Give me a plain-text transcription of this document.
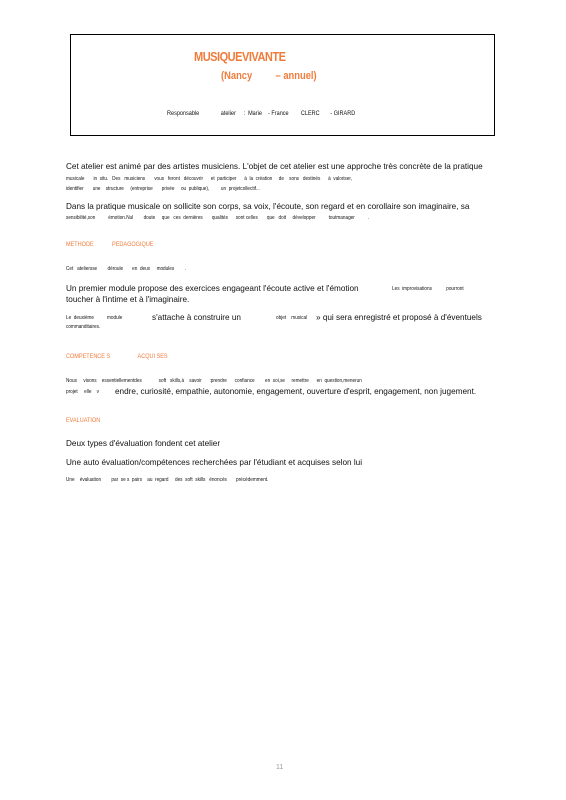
MUSIQUEVIVANTE
(Nancy         – annuel)
Responsable              atelier     :  Marie    - France        CLERC       - GIRARD
Cet atelier est animé par des artistes musiciens. L'objet de cet atelier est une approche très concrète de la pratique
musicale       in  situ.   Des   musiciens       vous   feront   découvrir      et  participer      à  la  création     de    sons   destinés      à  valoriser,
identifier       une    structure     (entreprise       privée     ou  publique),         un  projetcollectif...
Dans la pratique musicale on sollicite son corps, sa voix, l'écoute, son regard et en corollaire son imaginaire, sa
sensibilité,son          émotion.Nul        doute     que   ces  dernières       qualités      sont celles       que   doit     développer          toutmanager          .
METHODE            PEDAGOGIQUE
Cet   ateliersse        déroule       en  deux     modules        .
Un premier module propose des exercices engageant l'écoute active et l'émotion	Les  improvisations           pourront
toucher à l'intime et à l'imaginaire.
Le  deuxième          module	s'attache à construire un	objet    musical » qui sera enregistré et proposé à d'éventuels
commanditaires.
COMPETENCE S                  ACQUI SES
Nous     visons    essentiellementdes             soft   skills,à    savoir      :prendre      confiance        en  soi,se     remettre      en  question,menerun
projet     elle    v endre, curiosité, empathie, autonomie, engagement, ouverture d'esprit, engagement, non jugement.
EVALUATION
Deux types d'évaluation fondent cet atelier
Une auto évaluation/compétences recherchées par l'étudiant et acquises selon lui
Une    évaluation        par  se s  pairs    au  regard     des  soft  skills   énoncés       précédemment.
11
